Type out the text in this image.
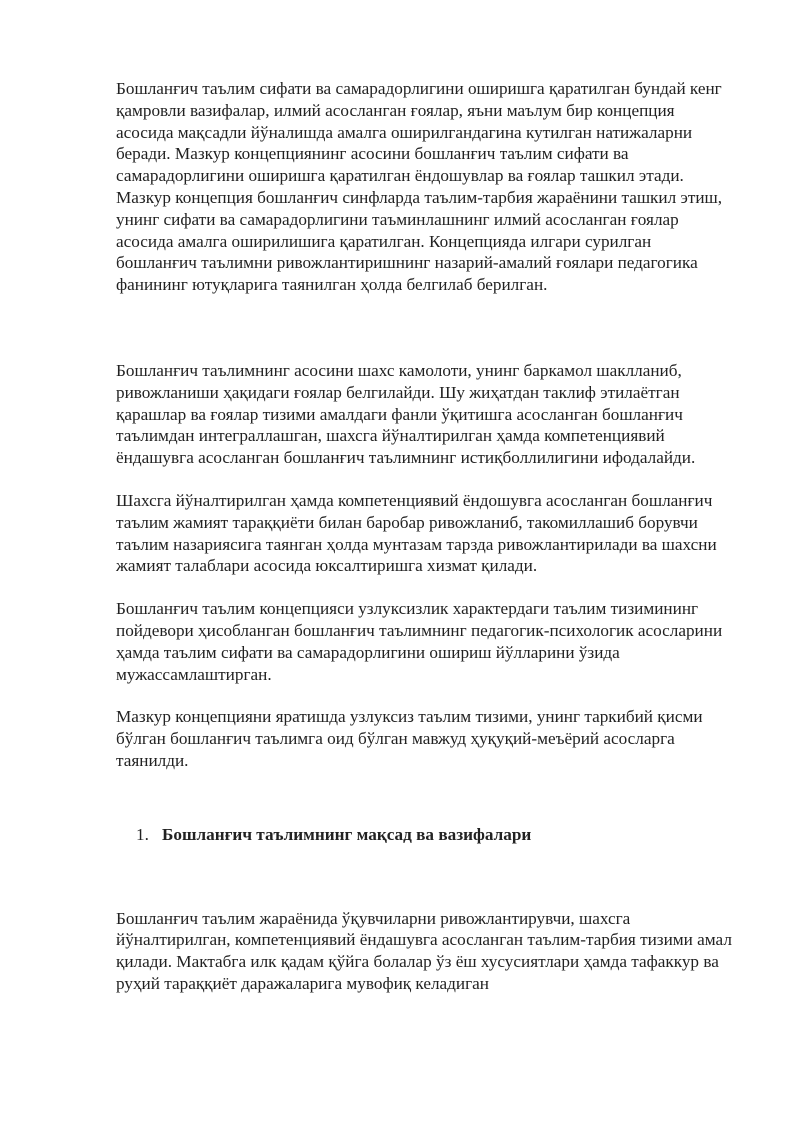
Бошланғич таълим сифати ва самарадорлигини оширишга қаратилган бундай кенг қамровли вазифалар, илмий асосланган ғоялар, яъни маълум бир концепция асосида мақсадли йўналишда амалга оширилгандагина кутилган натижаларни беради. Мазкур концепциянинг асосини бошланғич таълим сифати ва самарадорлигини оширишга қаратилган ёндошувлар ва ғоялар ташкил этади. Мазкур концепция бошланғич синфларда таълим-тарбия жараёнини ташкил этиш, унинг сифати ва самарадорлигини таъминлашнинг илмий асосланган ғоялар асосида амалга оширилишига қаратилган. Концепцияда илгари сурилган бошланғич таълимни ривожлантиришнинг назарий-амалий ғоялари педагогика фанининг ютуқларига таянилган ҳолда белгилаб берилган.

Бошланғич таълимнинг асосини шахс камолоти, унинг баркамол шаклланиб, ривожланиши ҳақидаги ғоялар белгилайди. Шу жиҳатдан таклиф этилаётган қарашлар ва ғоялар тизими амалдаги фанли ўқитишга асосланган бошланғич таълимдан интеграллашган, шахсга йўналтирилган ҳамда компетенциявий ёндашувга асосланган бошланғич таълимнинг истиқболлилигини ифодалайди.

Шахсга йўналтирилган ҳамда компетенциявий ёндошувга асосланган бошланғич таълим жамият тараққиёти билан баробар ривожланиб, такомиллашиб борувчи таълим назариясига таянган ҳолда мунтазам тарзда ривожлантирилади ва шахсни жамият талаблари асосида юксалтиришга хизмат қилади.

Бошланғич таълим концепцияси узлуксизлик характердаги таълим тизимининг пойдевори ҳисобланган бошланғич таълимнинг педагогик-психологик асосларини ҳамда таълим сифати ва самарадорлигини ошириш йўлларини ўзида мужассамлаштирган.

Мазкур концепцияни яратишда узлуксиз таълим тизими, унинг таркибий қисми бўлган бошланғич таълимга оид бўлган мавжуд ҳуқуқий-меъёрий асосларга таянилди.

1. Бошланғич таълимнинг мақсад ва вазифалари

Бошланғич таълим жараёнида ўқувчиларни ривожлантирувчи, шахсга йўналтирилган, компетенциявий ёндашувга асосланган таълим-тарбия тизими амал қилади. Мактабга илк қадам қўйга болалар ўз ёш хусусиятлари ҳамда тафаккур ва руҳий тараққиёт даражаларига мувофиқ келадиган
